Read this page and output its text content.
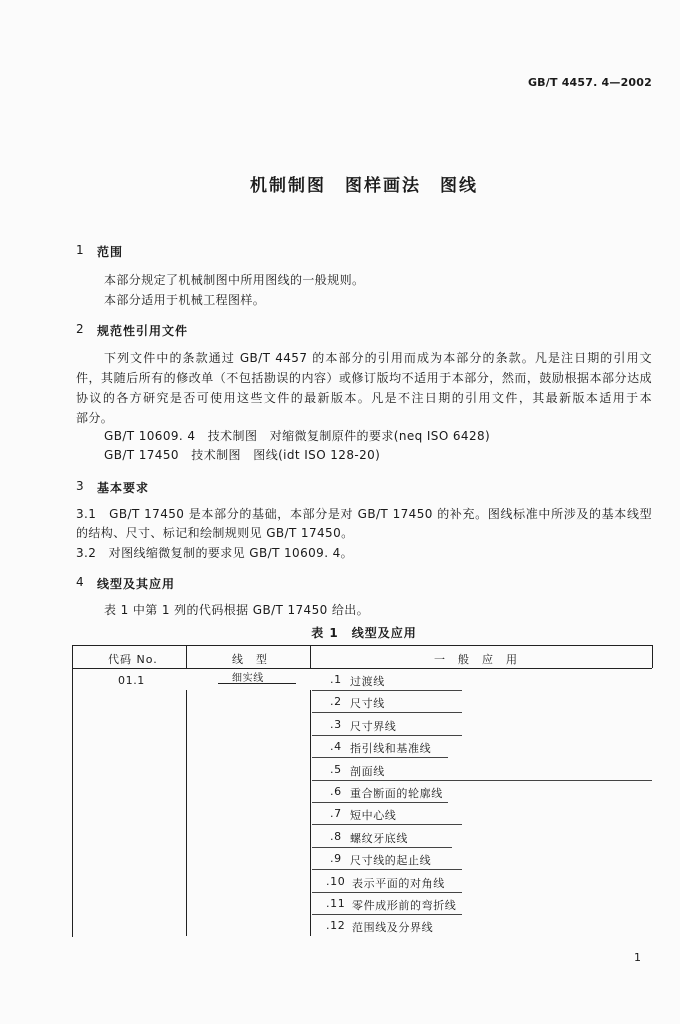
GB/T 4457. 4—2002
机制制图　图样画法　图线
1 范围
本部分规定了机械制图中所用图线的一般规则。
本部分适用于机械工程图样。
2 规范性引用文件
下列文件中的条款通过 GB/T 4457 的本部分的引用而成为本部分的条款。凡是注日期的引用文
件，其随后所有的修改单（不包括勘误的内容）或修订版均不适用于本部分，然而，鼓励根据本部分达成
协议的各方研究是否可使用这些文件的最新版本。凡是不注日期的引用文件，其最新版本适用于本
部分。
GB/T 10609. 4　技术制图　对缩微复制原件的要求(neq ISO 6428)
GB/T 17450　技术制图　图线(idt ISO 128-20)
3 基本要求
3.1　GB/T 17450 是本部分的基础，本部分是对 GB/T 17450 的补充。图线标准中所涉及的基本线型
的结构、尺寸、标记和绘制规则见 GB/T 17450。
3.2　对图线缩微复制的要求见 GB/T 10609. 4。
4 线型及其应用
表 1 中第 1 列的代码根据 GB/T 17450 给出。
表 1　线型及应用
代码 No.	线　型	一　般　应　用
01.1	细实线	.1 过渡线
.2 尺寸线
.3 尺寸界线
.4 指引线和基准线
.5 剖面线
.6 重合断面的轮廓线
.7 短中心线
.8 螺纹牙底线
.9 尺寸线的起止线
.10 表示平面的对角线
.11 零件成形前的弯折线
.12 范围线及分界线
1
